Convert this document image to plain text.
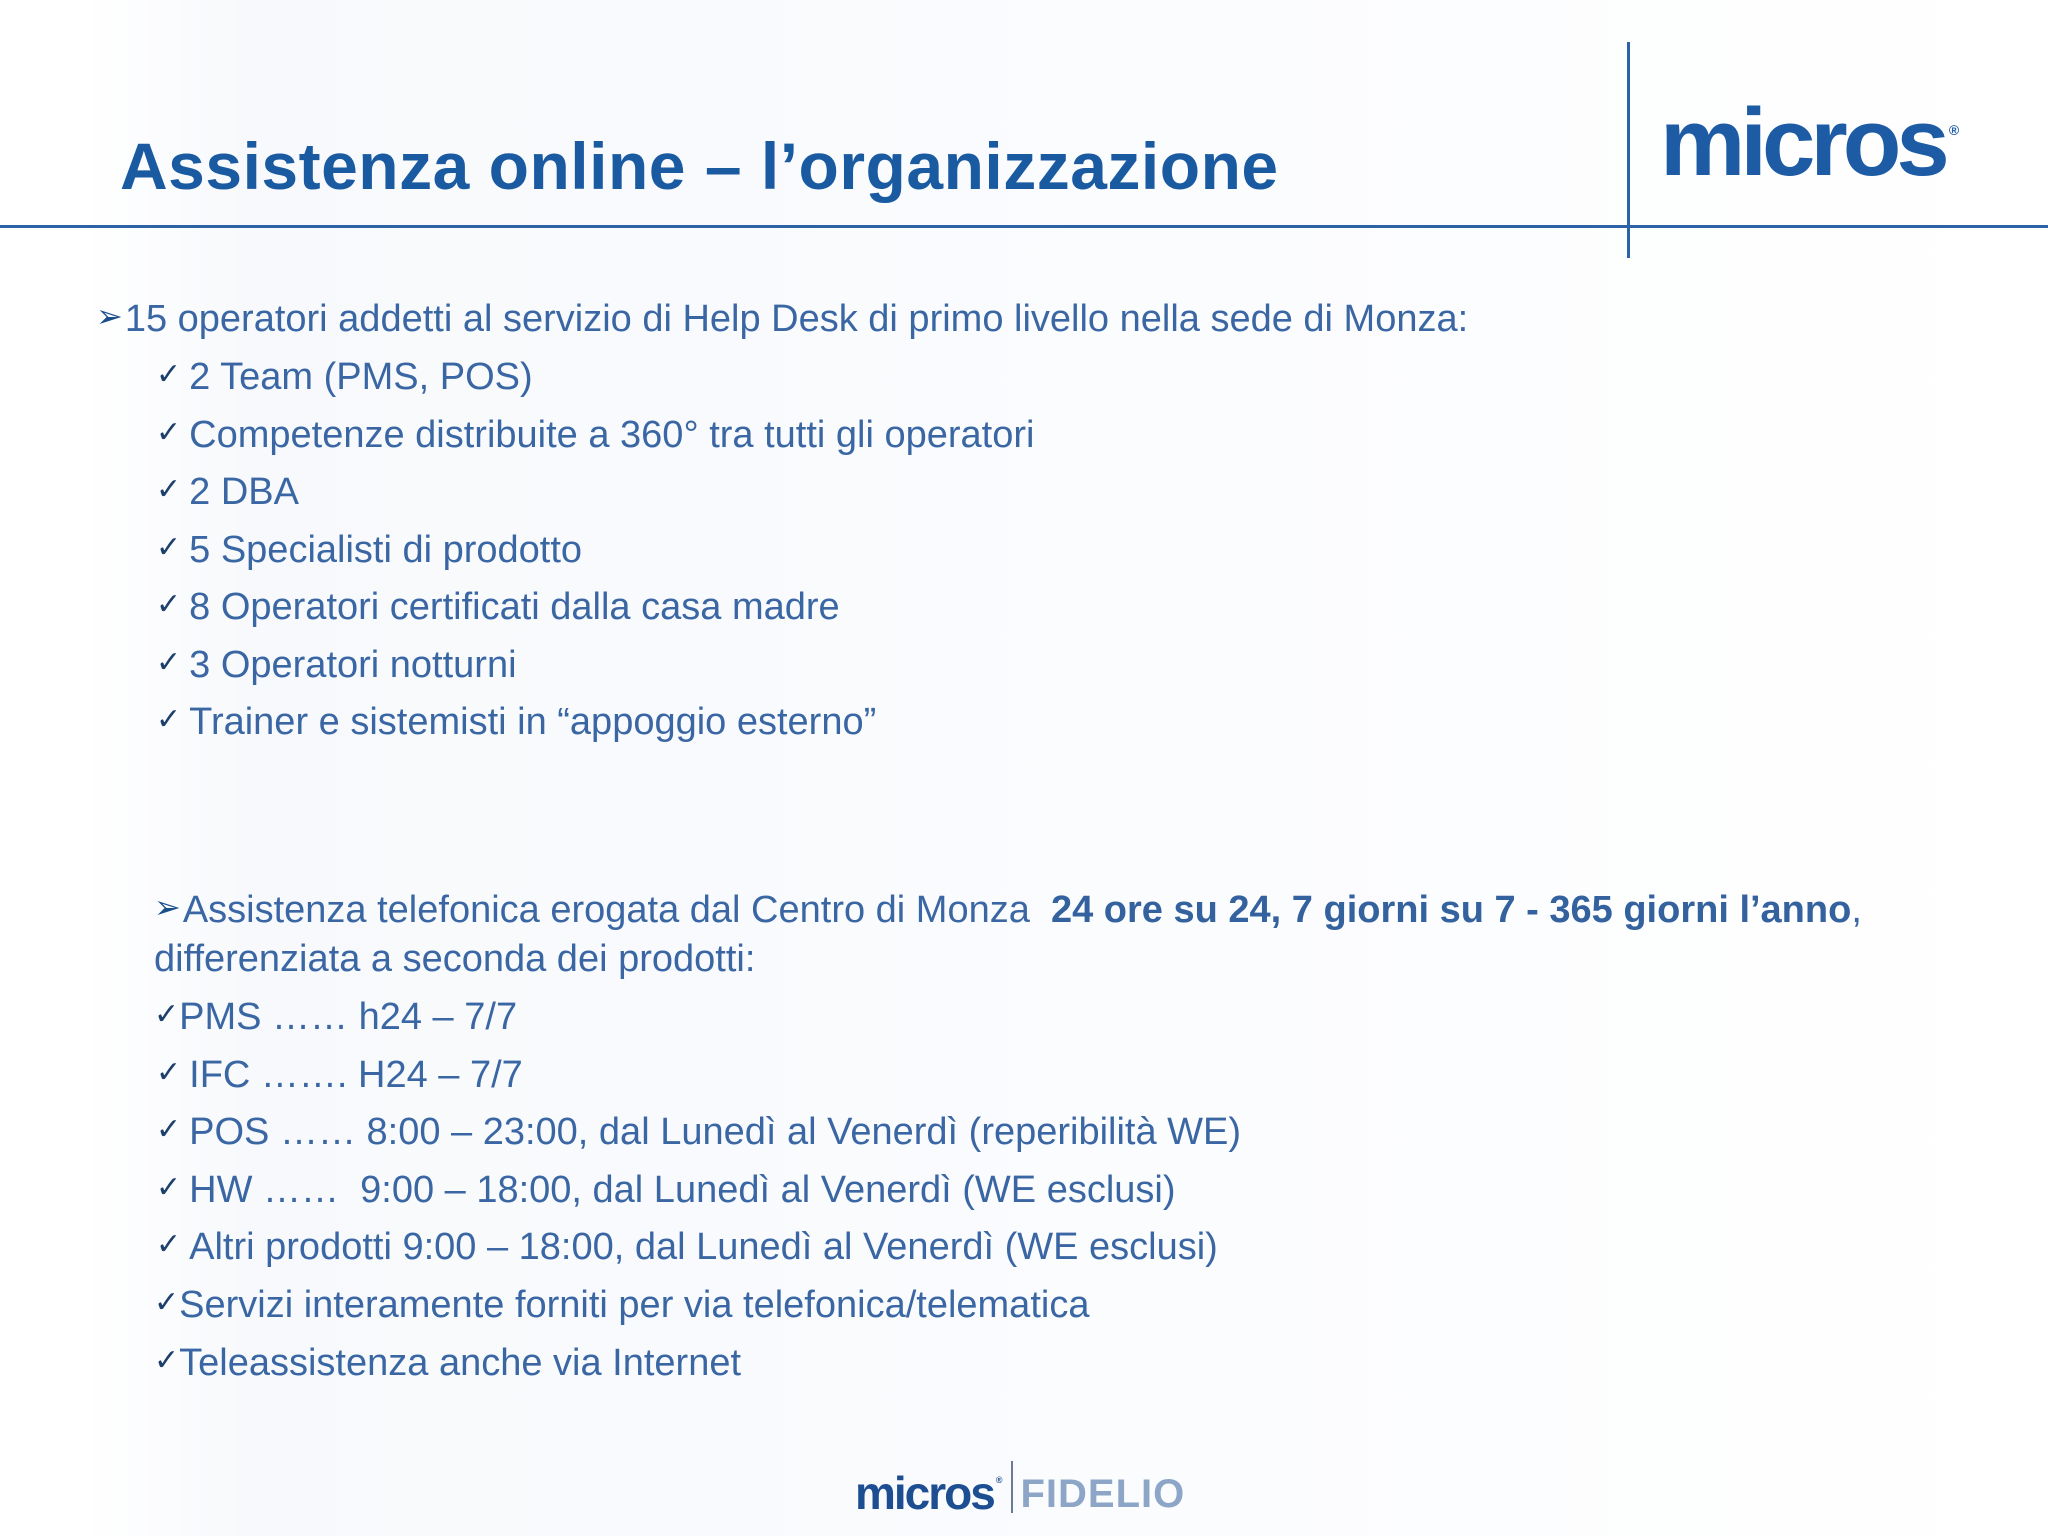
Assistenza online – l’organizzazione	micros ®
➢15 operatori addetti al servizio di Help Desk di primo livello nella sede di Monza:
✓ 2 Team (PMS, POS)
✓ Competenze distribuite a 360° tra tutti gli operatori
✓ 2 DBA
✓ 5 Specialisti di prodotto
✓ 8 Operatori certificati dalla casa madre
✓ 3 Operatori notturni
✓ Trainer e sistemisti in “appoggio esterno”
➢Assistenza telefonica erogata dal Centro di Monza 24 ore su 24, 7 giorni su 7 - 365 giorni l’anno,
differenziata a seconda dei prodotti:
✓PMS …… h24 – 7/7
✓ IFC ……. H24 – 7/7
✓ POS …… 8:00 – 23:00, dal Lunedì al Venerdì (reperibilità WE)
✓ HW ……  9:00 – 18:00, dal Lunedì al Venerdì (WE esclusi)
✓ Altri prodotti 9:00 – 18:00, dal Lunedì al Venerdì (WE esclusi)
✓Servizi interamente forniti per via telefonica/telematica
✓Teleassistenza anche via Internet
micros ® FIDELIO
